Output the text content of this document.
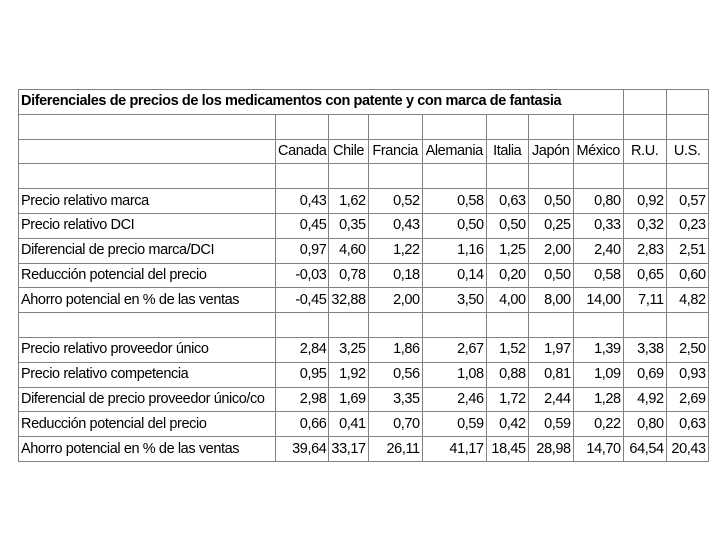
Diferenciales de precios de los medicamentos con patente y con marca de fantasia									

	Canada	Chile	Francia	Alemania	Italia	Japón	México	R.U.	U.S.

Precio relativo marca	0,43	1,62	0,52	0,58	0,63	0,50	0,80	0,92	0,57
Precio relativo DCI	0,45	0,35	0,43	0,50	0,50	0,25	0,33	0,32	0,23
Diferencial de precio marca/DCI	0,97	4,60	1,22	1,16	1,25	2,00	2,40	2,83	2,51
Reducción potencial del precio	-0,03	0,78	0,18	0,14	0,20	0,50	0,58	0,65	0,60
Ahorro potencial en % de las ventas	-0,45	32,88	2,00	3,50	4,00	8,00	14,00	7,11	4,82

Precio relativo proveedor único	2,84	3,25	1,86	2,67	1,52	1,97	1,39	3,38	2,50
Precio relativo competencia	0,95	1,92	0,56	1,08	0,88	0,81	1,09	0,69	0,93
Diferencial de precio proveedor único/co	2,98	1,69	3,35	2,46	1,72	2,44	1,28	4,92	2,69
Reducción potencial del precio	0,66	0,41	0,70	0,59	0,42	0,59	0,22	0,80	0,63
Ahorro potencial en % de las ventas	39,64	33,17	26,11	41,17	18,45	28,98	14,70	64,54	20,43
